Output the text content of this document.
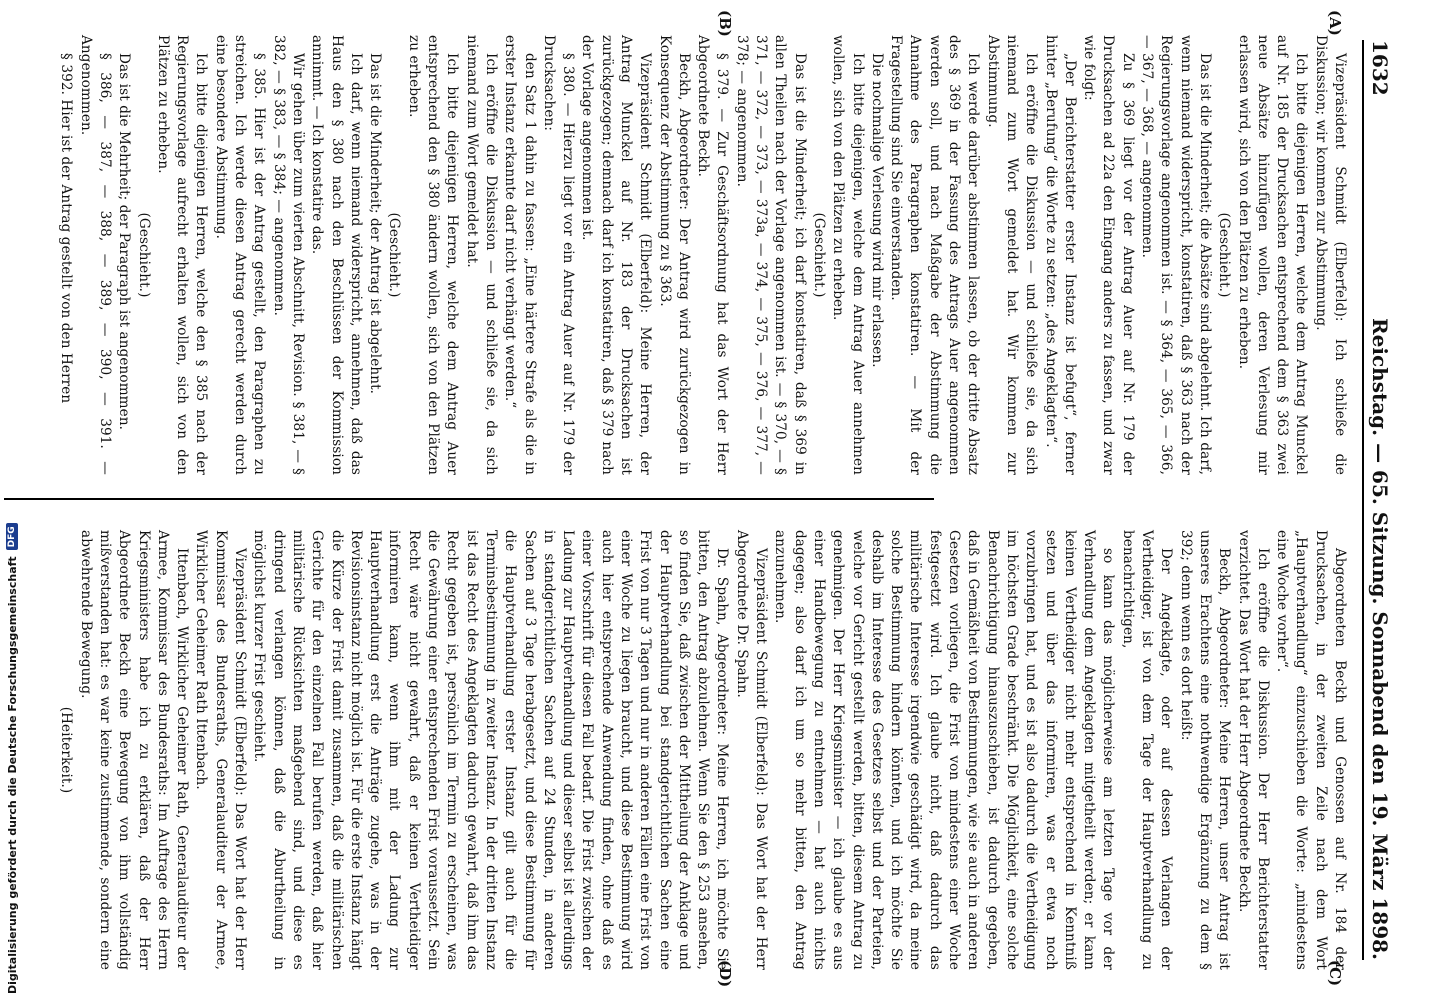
1632
Reichstag. — 65. Sitzung. Sonnabend den 19. März 1898.
(A)
(B)
(C)
(D)

Vizepräsident Schmidt (Elberfeld): Ich schließe die Diskussion; wir kommen zur Abstimmung.

Ich bitte diejenigen Herren, welche dem Antrag Munckel auf Nr. 185 der Drucksachen entsprechend dem § 363 zwei neue Absätze hinzufügen wollen, deren Verlesung mir erlassen wird, sich von den Plätzen zu erheben.

(Geschieht.)

Das ist die Minderheit; die Absätze sind abgelehnt. Ich darf, wenn niemand widerspricht, konstatiren, daß § 363 nach der Regierungsvorlage angenommen ist. — § 364, — 365, — 366, — 367, — 368, — angenommen.

Zu § 369 liegt vor der Antrag Auer auf Nr. 179 der Drucksachen ad 22a den Eingang anders zu fassen, und zwar wie folgt:

„Der Berichterstatter erster Instanz ist befugt“, ferner hinter „Berufung“ die Worte zu setzen: „des Angeklagten“.

Ich eröffne die Diskussion — und schließe sie, da sich niemand zum Wort gemeldet hat. Wir kommen zur Abstimmung.

Ich werde darüber abstimmen lassen, ob der dritte Absatz des § 369 in der Fassung des Antrags Auer angenommen werden soll, und nach Maßgabe der Abstimmung die Annahme des Paragraphen konstatiren. — Mit der Fragestellung sind Sie einverstanden.

Die nochmalige Verlesung wird mir erlassen.

Ich bitte diejenigen, welche dem Antrag Auer annehmen wollen, sich von den Plätzen zu erheben.

(Geschieht.)

Das ist die Minderheit; ich darf konstatiren, daß § 369 in allen Theilen nach der Vorlage angenommen ist. — § 370, — § 371, — 372, — 373, — 373a, — 374, — 375, — 376, — 377, — 378; — angenommen.

§ 379. — Zur Geschäftsordnung hat das Wort der Herr Abgeordnete Beckh.

Beckh, Abgeordneter: Der Antrag wird zurückgezogen in Konsequenz der Abstimmung zu § 363.

Vizepräsident Schmidt (Elberfeld): Meine Herren, der Antrag Munckel auf Nr. 183 der Drucksachen ist zurückgezogen; demnach darf ich konstatiren, daß § 379 nach der Vorlage angenommen ist.

§ 380. — Hierzu liegt vor ein Antrag Auer auf Nr. 179 der Drucksachen:

den Satz 1 dahin zu fassen: „Eine härtere Strafe als die in erster Instanz erkannte darf nicht verhängt werden.“

Ich eröffne die Diskussion — und schließe sie, da sich niemand zum Wort gemeldet hat.

Ich bitte diejenigen Herren, welche dem Antrag Auer entsprechend den § 380 ändern wollen, sich von den Plätzen zu erheben.

(Geschieht.)

Das ist die Minderheit; der Antrag ist abgelehnt.

Ich darf, wenn niemand widerspricht, annehmen, daß das Haus den § 380 nach den Beschlüssen der Kommission annimmt. — Ich konstatire das.

Wir gehen über zum vierten Abschnitt, Revision. § 381, — § 382, — § 383, — § 384; — angenommen.

§ 385. Hier ist der Antrag gestellt, den Paragraphen zu streichen. Ich werde diesen Antrag gerecht werden durch eine besondere Abstimmung.

Ich bitte diejenigen Herren, welche den § 385 nach der Regierungsvorlage aufrecht erhalten wollen, sich von den Plätzen zu erheben.

(Geschieht.)

Das ist die Mehrheit; der Paragraph ist angenommen.

§ 386, — 387, — 388, — 389, — 390, — 391. — Angenommen.

§ 392. Hier ist der Antrag gestellt von den Herren

Abgeordneten Beckh und Genossen auf Nr. 184 der Drucksachen, in der zweiten Zeile nach dem Wort „Hauptverhandlung“ einzuschieben die Worte: „mindestens eine Woche vorher“.

Ich eröffne die Diskussion. Der Herr Berichterstatter verzichtet. Das Wort hat der Herr Abgeordnete Beckh.

Beckh, Abgeordneter: Meine Herren, unser Antrag ist unseres Erachtens eine nothwendige Ergänzung zu dem § 392; denn wenn es dort heißt:

Der Angeklagte, oder auf dessen Verlangen der Vertheidiger, ist von dem Tage der Hauptverhandlung zu benachrichtigen,

so kann das möglicherweise am letzten Tage vor der Verhandlung dem Angeklagten mitgetheilt werden; er kann keinen Vertheidiger nicht mehr entsprechend in Kenntniß setzen und über das informiren, was er etwa noch vorzubringen hat, und es ist also dadurch die Vertheidigung im höchsten Grade beschränkt. Die Möglichkeit, eine solche Benachrichtigung hinauszuschieben, ist dadurch gegeben, daß in Gemäßheit von Bestimmungen, wie sie auch in anderen Gesetzen vorliegen, die Frist von mindestens einer Woche festgesetzt wird. Ich glaube nicht, daß dadurch das militärische Interesse irgendwie geschädigt wird, da meine solche Bestimmung hindern könnten, und ich möchte Sie deshalb im Interesse des Gesetzes selbst und der Parteien, welche vor Gericht gestellt werden, bitten, diesem Antrag zu genehmigen. Der Herr Kriegsminister — ich glaube es aus einer Handbewegung zu entnehmen — hat auch nichts dagegen; also darf ich um so mehr bitten, den Antrag anzunehmen.

Vizepräsident Schmidt (Elberfeld): Das Wort hat der Herr Abgeordnete Dr. Spahn.

Dr. Spahn, Abgeordneter: Meine Herren, ich möchte Sie bitten, den Antrag abzulehnen. Wenn Sie den § 253 ansehen, so finden Sie, daß zwischen der Mittheilung der Anklage und der Hauptverhandlung bei standgerichtlichen Sachen eine Frist von nur 3 Tagen und nur in anderen Fällen eine Frist von einer Woche zu liegen braucht, und diese Bestimmung wird auch hier entsprechende Anwendung finden, ohne daß es einer Vorschrift für diesen Fall bedarf. Die Frist zwischen der Ladung zur Hauptverhandlung und dieser selbst ist allerdings in standgerichtlichen Sachen auf 24 Stunden, in anderen Sachen auf 3 Tage herabgesetzt, und diese Bestimmung für die Hauptverhandlung erster Instanz gilt auch für die Terminsbestimmung in zweiter Instanz. In der dritten Instanz ist das Recht des Angeklagten dadurch gewahrt, daß ihm das Recht gegeben ist, persönlich im Termin zu erscheinen, was die Gewährung einer entsprechenden Frist voraussetzt. Sein Recht wäre nicht gewahrt, daß er keinen Vertheidiger informiren kann, wenn ihm mit der Ladung zur Hauptverhandlung erst die Anträge zugehe, was in der Revisionsinstanz nicht möglich ist. Für die erste Instanz hängt die Kürze der Frist damit zusammen, daß die militärischen Gerichte für den einzelnen Fall berufen werden, daß hier militärische Rücksichten maßgebend sind, und diese es dringend verlangen können, daß die Aburtheilung in möglichst kurzer Frist geschieht.

Vizepräsident Schmidt (Elberfeld): Das Wort hat der Herr Kommissar des Bundesraths, Generalauditeur der Armee, Wirklicher Geheimer Rath Ittenbach.

Ittenbach, Wirklicher Geheimer Rath, Generalauditeur der Armee, Kommissar des Bundesraths: Im Auftrage des Herrn Kriegsministers habe ich zu erklären, daß der Herr Abgeordnete Beckh eine Bewegung von ihm vollständig mißverstanden hat: es war keine zustimmende, sondern eine abwehrende Bewegung.

(Heiterkeit.)

Digitalisierung gefördert durch die Deutsche Forschungsgemeinschaft
DFG
